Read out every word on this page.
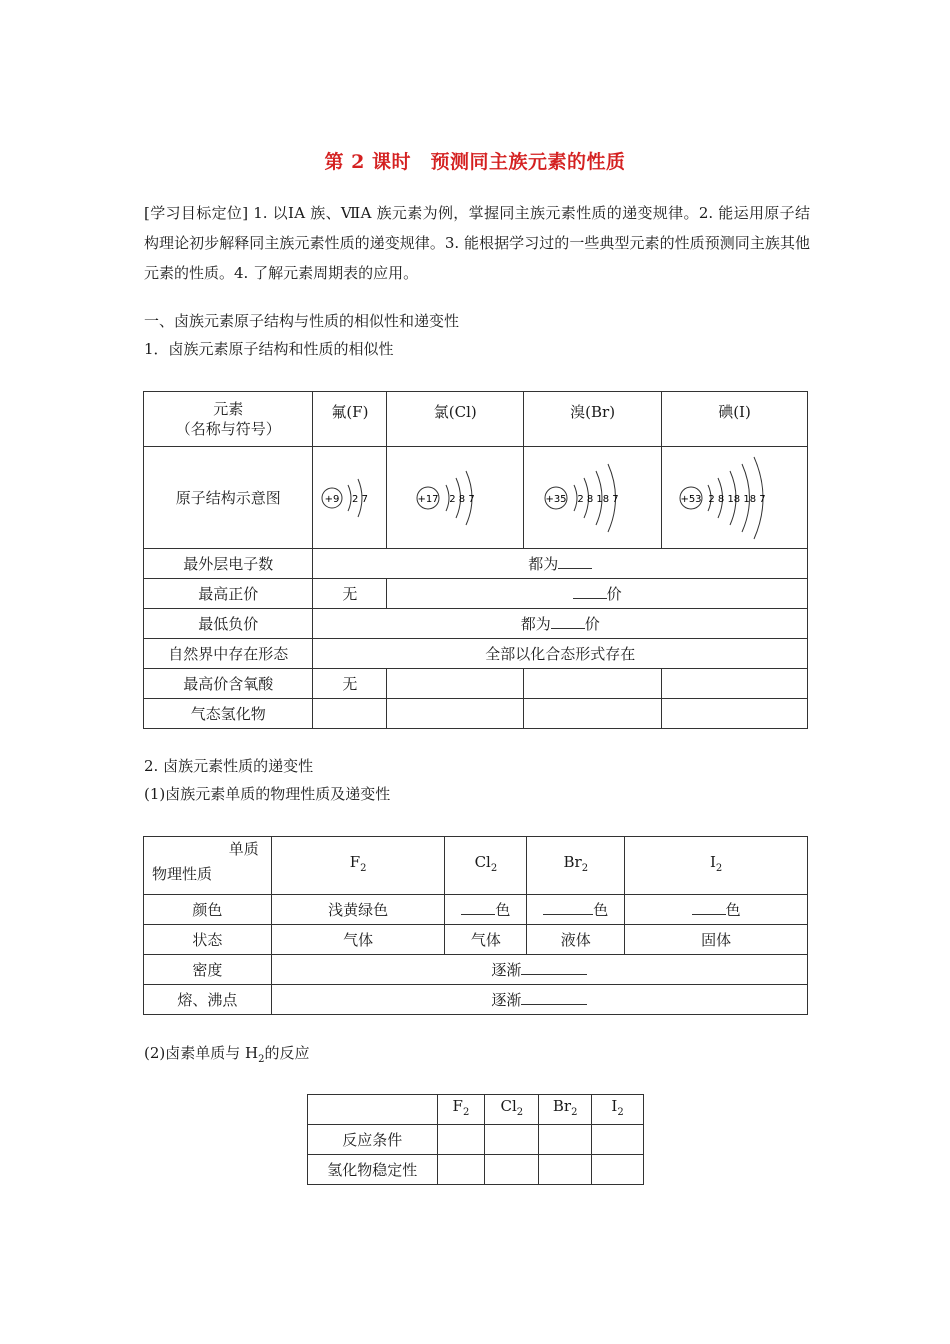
第 2 课时　预测同主族元素的性质
[学习目标定位] 1. 以ⅠA 族、ⅦA 族元素为例，掌握同主族元素性质的递变规律。2. 能运用原子结构理论初步解释同主族元素性质的递变规律。3. 能根据学习过的一些典型元素的性质预测同主族其他元素的性质。4. 了解元素周期表的应用。
一、卤族元素原子结构与性质的相似性和递变性
1．卤族元素原子结构和性质的相似性
元素
（名称与符号）	氟(F)	氯(Cl)	溴(Br)	碘(I)
原子结构示意图	+9 2 7	+17 2 8 7	+35 2 8 18 7	+53 2 8 18 18 7

最外层电子数	都为			
最高正价	无	价		
最低负价	都为 价			
自然界中存在形态	全部以化合态形式存在			
最高价含氧酸	无			
气态氢化物				
2. 卤族元素性质的递变性
(1)卤族元素单质的物理性质及递变性
单质
物理性质	$F_2$	$Cl_2$	$Br_2$	$I_2$
颜色	浅黄绿色	色	色	色
状态	气体	气体	液体	固体
密度	逐渐			
熔、沸点	逐渐			
(2)卤素单质与 $H_2$的反应
	$F_2$	$Cl_2$	$Br_2$	$I_2$
反应条件				
氢化物稳定性				
